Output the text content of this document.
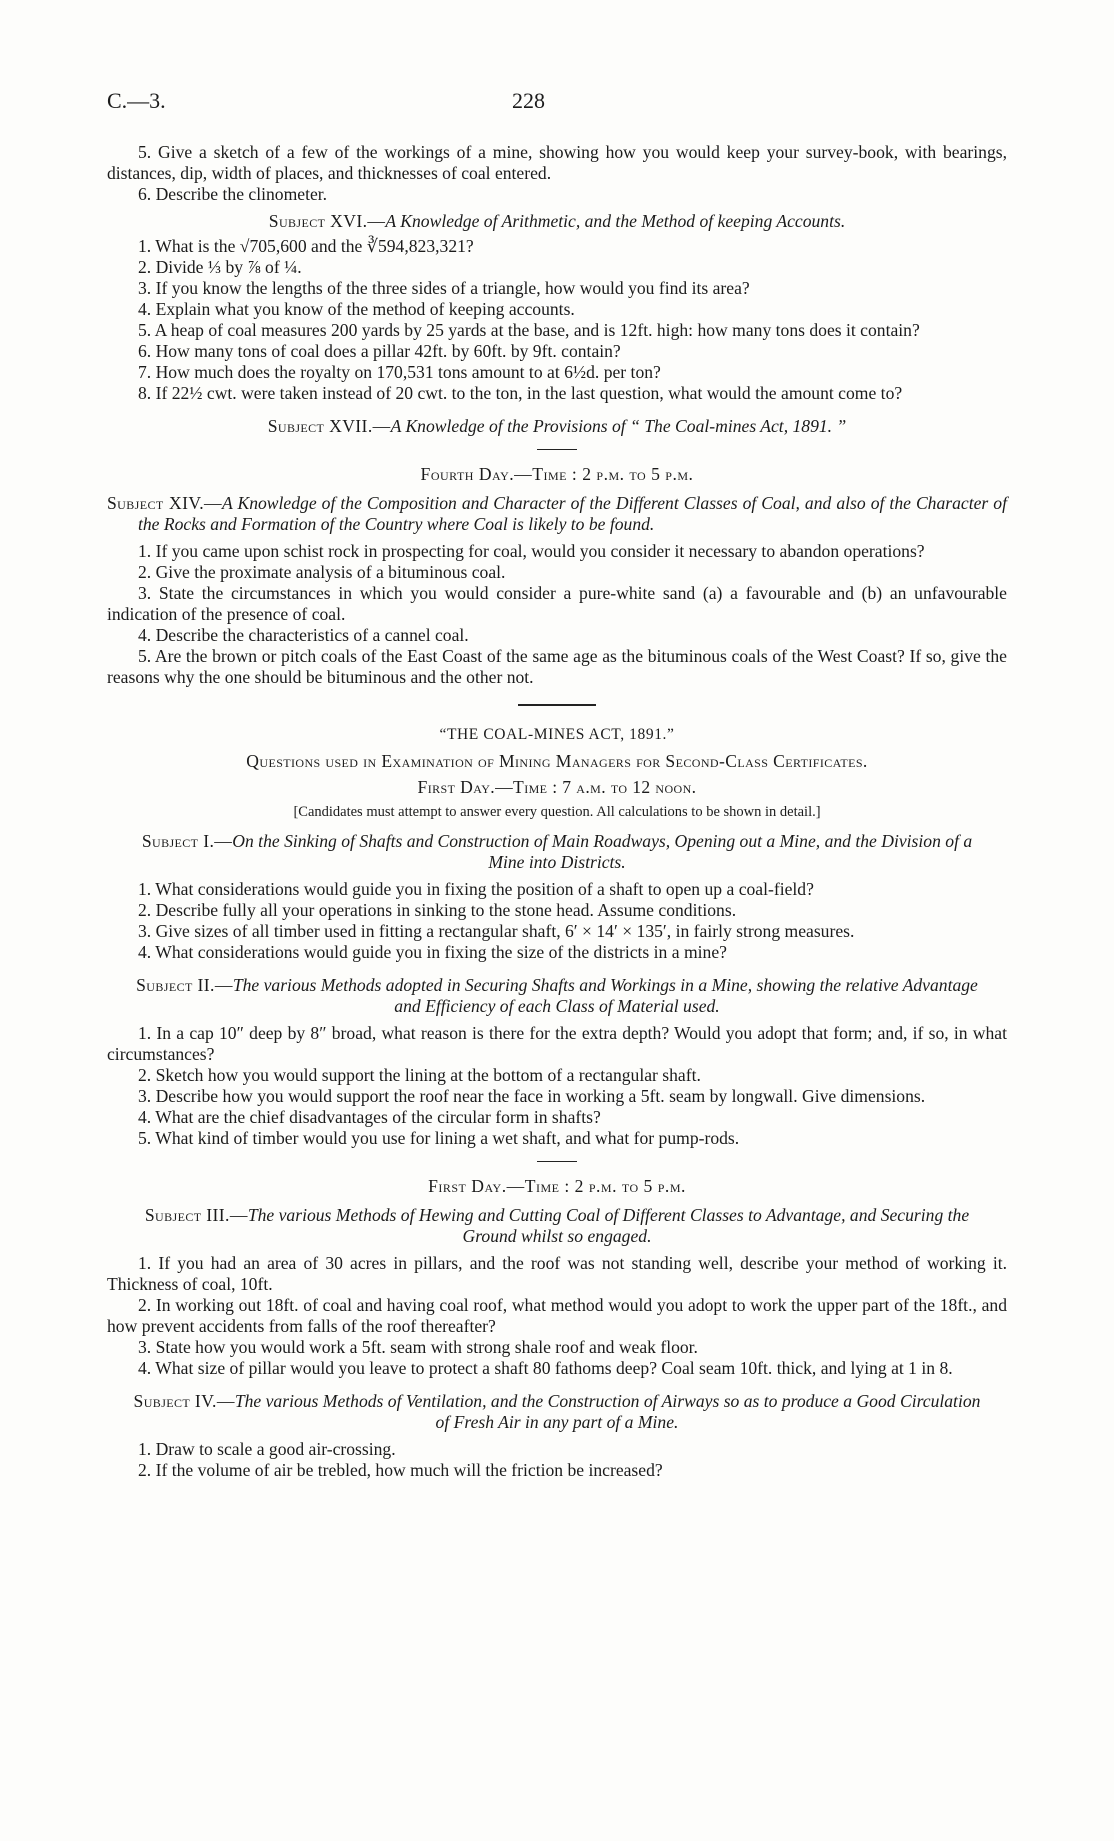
C.—3.	228

5. Give a sketch of a few of the workings of a mine, showing how you would keep your survey-book, with bearings, distances, dip, width of places, and thicknesses of coal entered.

6. Describe the clinometer.

Subject XVI.—A Knowledge of Arithmetic, and the Method of keeping Accounts.

1. What is the √705,600 and the ∛594,823,321?

2. Divide ⅓ by ⅞ of ¼.

3. If you know the lengths of the three sides of a triangle, how would you find its area?

4. Explain what you know of the method of keeping accounts.

5. A heap of coal measures 200 yards by 25 yards at the base, and is 12ft. high: how many tons does it contain?

6. How many tons of coal does a pillar 42ft. by 60ft. by 9ft. contain?

7. How much does the royalty on 170,531 tons amount to at 6½d. per ton?

8. If 22½ cwt. were taken instead of 20 cwt. to the ton, in the last question, what would the amount come to?

Subject XVII.—A Knowledge of the Provisions of “ The Coal-mines Act, 1891. ”

Fourth Day.—Time : 2 p.m. to 5 p.m.

Subject XIV.—A Knowledge of the Composition and Character of the Different Classes of Coal, and also of the Character of the Rocks and Formation of the Country where Coal is likely to be found.

1. If you came upon schist rock in prospecting for coal, would you consider it necessary to abandon operations?

2. Give the proximate analysis of a bituminous coal.

3. State the circumstances in which you would consider a pure-white sand (a) a favourable and (b) an unfavourable indication of the presence of coal.

4. Describe the characteristics of a cannel coal.

5. Are the brown or pitch coals of the East Coast of the same age as the bituminous coals of the West Coast? If so, give the reasons why the one should be bituminous and the other not.

“THE COAL-MINES ACT, 1891.”

Questions used in Examination of Mining Managers for Second-Class Certificates.

First Day.—Time : 7 a.m. to 12 noon.

[Candidates must attempt to answer every question. All calculations to be shown in detail.]

Subject I.—On the Sinking of Shafts and Construction of Main Roadways, Opening out a Mine, and the Division of a Mine into Districts.

1. What considerations would guide you in fixing the position of a shaft to open up a coal-field?

2. Describe fully all your operations in sinking to the stone head. Assume conditions.

3. Give sizes of all timber used in fitting a rectangular shaft, 6′ × 14′ × 135′, in fairly strong measures.

4. What considerations would guide you in fixing the size of the districts in a mine?

Subject II.—The various Methods adopted in Securing Shafts and Workings in a Mine, showing the relative Advantage and Efficiency of each Class of Material used.

1. In a cap 10″ deep by 8″ broad, what reason is there for the extra depth? Would you adopt that form; and, if so, in what circumstances?

2. Sketch how you would support the lining at the bottom of a rectangular shaft.

3. Describe how you would support the roof near the face in working a 5ft. seam by longwall. Give dimensions.

4. What are the chief disadvantages of the circular form in shafts?

5. What kind of timber would you use for lining a wet shaft, and what for pump-rods.

First Day.—Time : 2 p.m. to 5 p.m.

Subject III.—The various Methods of Hewing and Cutting Coal of Different Classes to Advantage, and Securing the Ground whilst so engaged.

1. If you had an area of 30 acres in pillars, and the roof was not standing well, describe your method of working it. Thickness of coal, 10ft.

2. In working out 18ft. of coal and having coal roof, what method would you adopt to work the upper part of the 18ft., and how prevent accidents from falls of the roof thereafter?

3. State how you would work a 5ft. seam with strong shale roof and weak floor.

4. What size of pillar would you leave to protect a shaft 80 fathoms deep? Coal seam 10ft. thick, and lying at 1 in 8.

Subject IV.—The various Methods of Ventilation, and the Construction of Airways so as to produce a Good Circulation of Fresh Air in any part of a Mine.

1. Draw to scale a good air-crossing.

2. If the volume of air be trebled, how much will the friction be increased?
